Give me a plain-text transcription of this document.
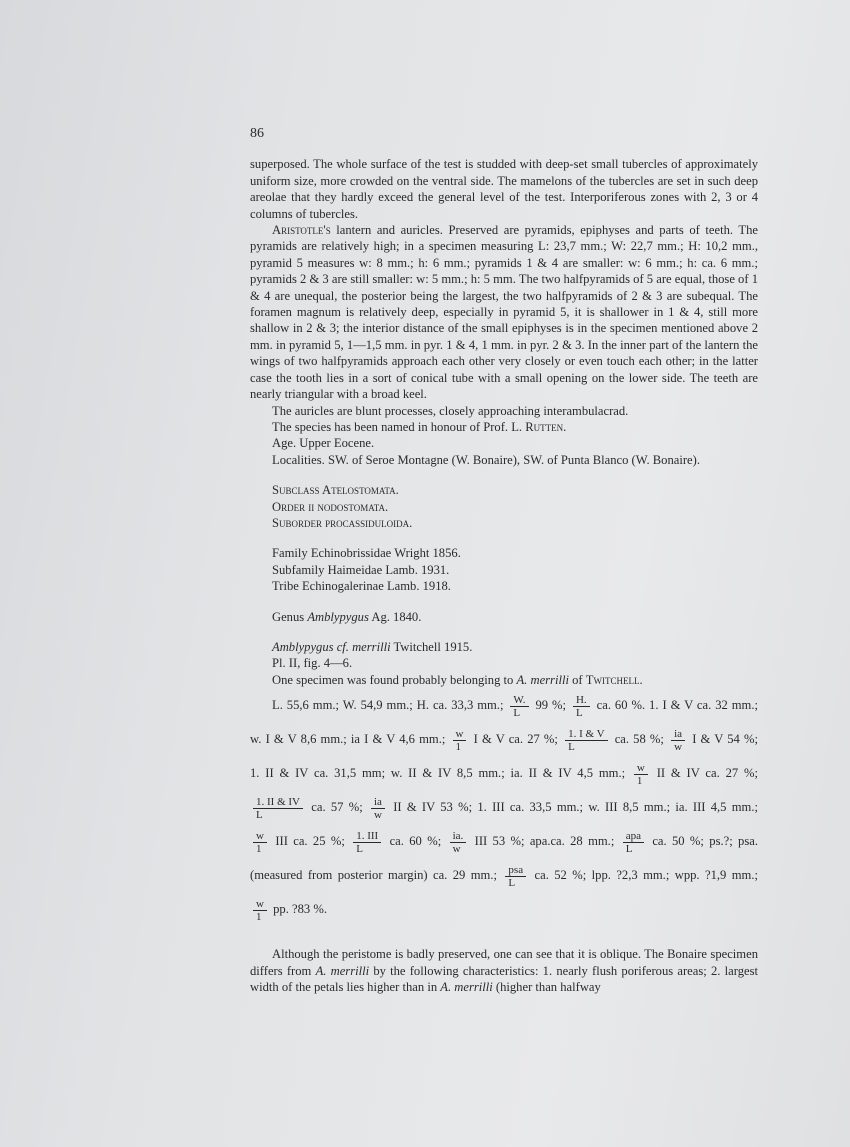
86

superposed. The whole surface of the test is studded with deep-set small tubercles of approximately uniform size, more crowded on the ventral side. The mamelons of the tubercles are set in such deep areolae that they hardly exceed the general level of the test. Interporiferous zones with 2, 3 or 4 columns of tubercles.

Aristotle's lantern and auricles. Preserved are pyramids, epiphyses and parts of teeth. The pyramids are relatively high; in a specimen measuring L: 23,7 mm.; W: 22,7 mm.; H: 10,2 mm., pyramid 5 measures w: 8 mm.; h: 6 mm.; pyramids 1 & 4 are smaller: w: 6 mm.; h: ca. 6 mm.; pyramids 2 & 3 are still smaller: w: 5 mm.; h: 5 mm. The two halfpyramids of 5 are equal, those of 1 & 4 are unequal, the posterior being the largest, the two halfpyramids of 2 & 3 are subequal. The foramen magnum is relatively deep, especially in pyramid 5, it is shallower in 1 & 4, still more shallow in 2 & 3; the interior distance of the small epiphyses is in the specimen mentioned above 2 mm. in pyramid 5, 1—1,5 mm. in pyr. 1 & 4, 1 mm. in pyr. 2 & 3. In the inner part of the lantern the wings of two halfpyramids approach each other very closely or even touch each other; in the latter case the tooth lies in a sort of conical tube with a small opening on the lower side. The teeth are nearly triangular with a broad keel.

The auricles are blunt processes, closely approaching interambulacrad.

The species has been named in honour of Prof. L. Rutten.

Age. Upper Eocene.

Localities. SW. of Seroe Montagne (W. Bonaire), SW. of Punta Blanco (W. Bonaire).

Subclass Atelostomata.

Order ii nodostomata.

Suborder procassiduloida.

Family Echinobrissidae Wright 1856.

Subfamily Haimeidae Lamb. 1931.

Tribe Echinogalerinae Lamb. 1918.

Genus Amblypygus Ag. 1840.

Amblypygus cf. merrilli Twitchell 1915.

Pl. II, fig. 4—6.

One specimen was found probably belonging to A. merrilli of Twitchell.

L. 55,6 mm.; W. 54,9 mm.; H. ca. 33,3 mm.; $\frac{W.}{L} 99$ %; $\frac{H.}{L}$ ca. 60 %. 1. I & V ca. 32 mm.;

w. I & V 8,6 mm.; ia I & V 4,6 mm.; $\frac{w}{1}$ I & V ca. 27 %; $\frac{1. I \& V}{L}$ ca. 58 %; $\frac{ia}{w}$ I & V 54 %;

1. II & IV ca. 31,5 mm; w. II & IV 8,5 mm.; ia. II & IV 4,5 mm.; $\frac{w}{1}$ II & IV ca. 27 %;

$\frac{1. II \& IV}{L}$ ca. 57 %; $\frac{ia}{w}$ II & IV 53 %; 1. III ca. 33,5 mm.; w. III 8,5 mm.; ia. III 4,5 mm.;

$\frac{w}{1}$ III ca. 25 %; $\frac{\text{1. III}}{L}$ ca. 60 %; $\frac{ia.}{w}$ III 53 %; apa.ca. 28 mm.; $\frac{\text{apa}}{L}$ ca. 50 %; ps.?; psa.

(measured from posterior margin) ca. 29 mm.; $\frac{\text{psa}}{L}$ ca. 52 %; lpp. ?2,3 mm.; wpp. ?1,9 mm.;

$\frac{w}{1}$ pp. ?83 %.

Although the peristome is badly preserved, one can see that it is oblique. The Bonaire specimen differs from A. merrilli by the following characteristics: 1. nearly flush poriferous areas; 2. largest width of the petals lies higher than in A. merrilli (higher than halfway
